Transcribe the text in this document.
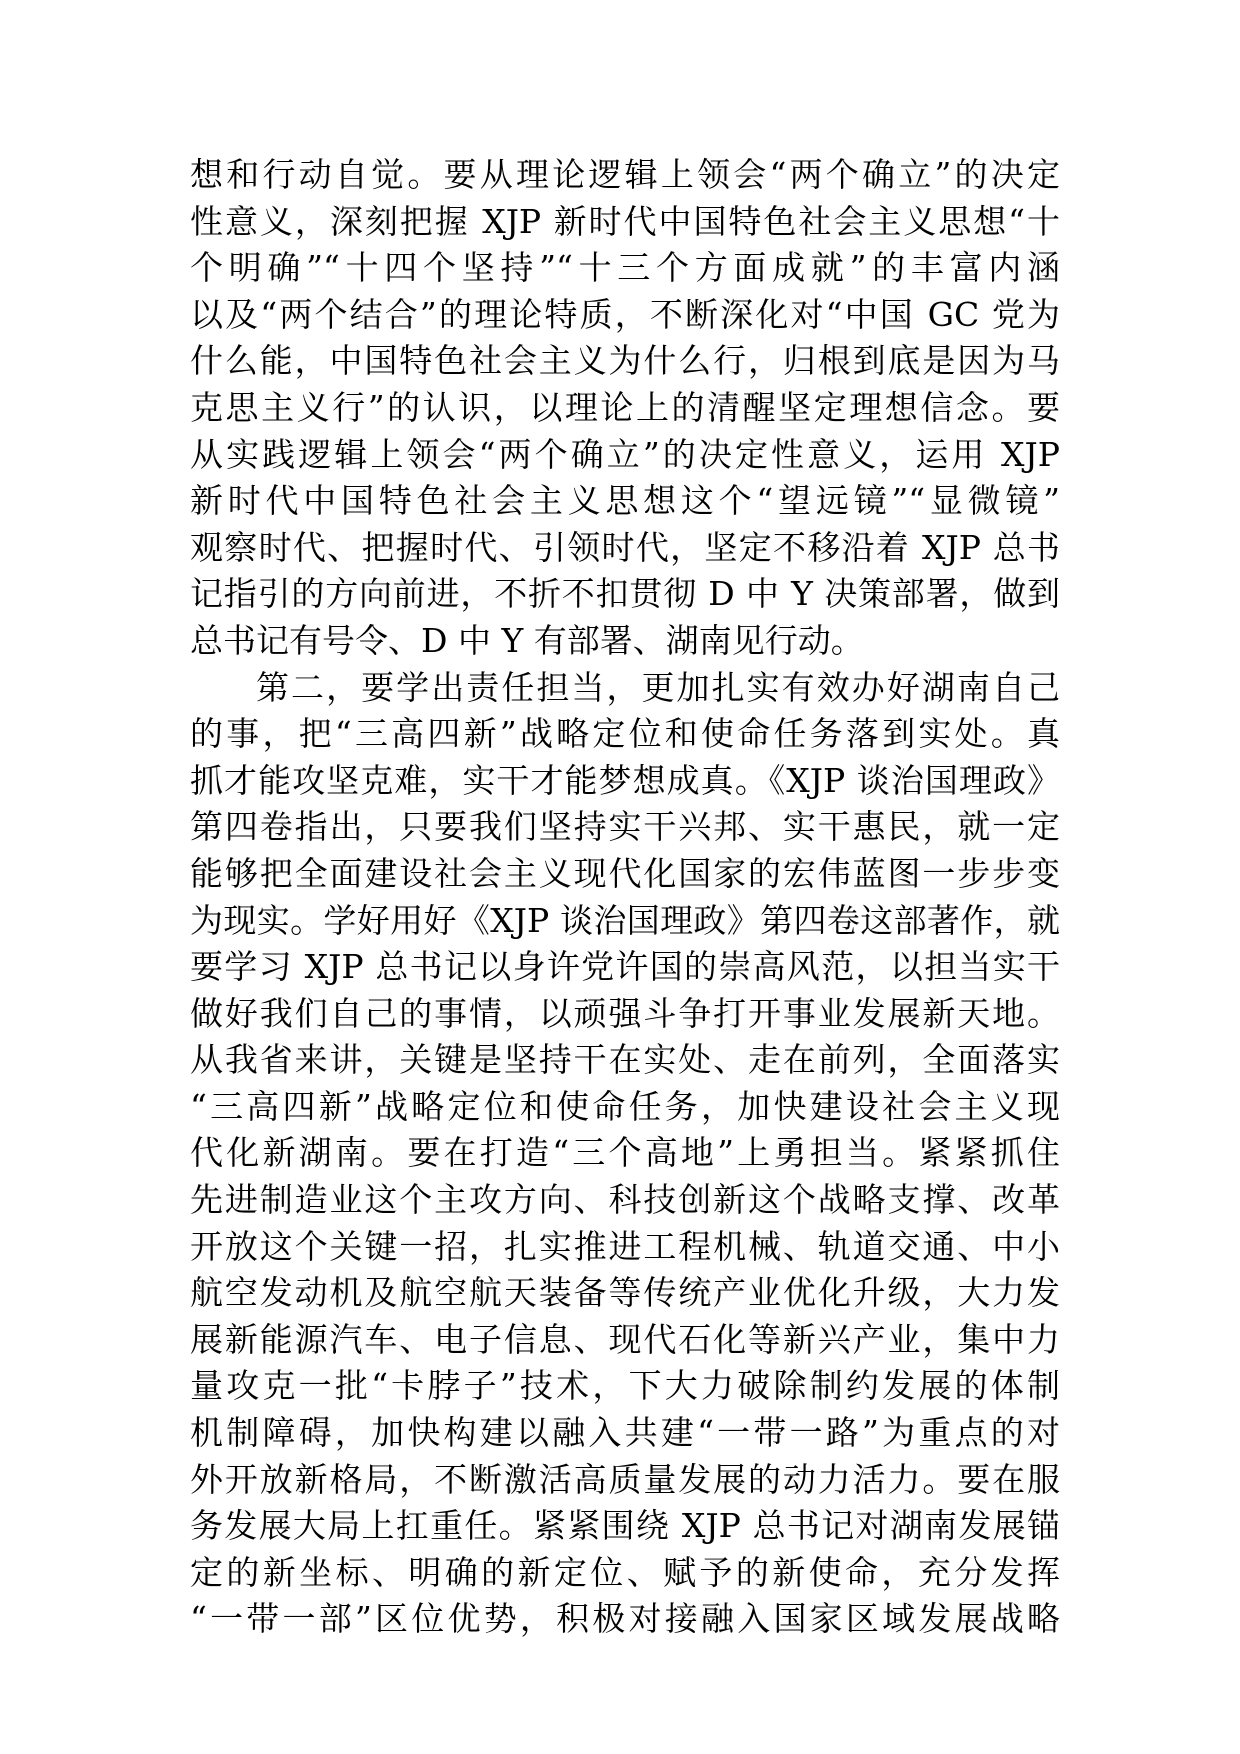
想和行动自觉。要从理论逻辑上领会“两个确立”的决定
性意义，深刻把握 XJP 新时代中国特色社会主义思想“十
个明确”“十四个坚持”“十三个方面成就”的丰富内涵
以及“两个结合”的理论特质，不断深化对“中国 GC 党为
什么能，中国特色社会主义为什么行，归根到底是因为马
克思主义行”的认识，以理论上的清醒坚定理想信念。要
从实践逻辑上领会“两个确立”的决定性意义，运用 XJP
新时代中国特色社会主义思想这个“望远镜”“显微镜”
观察时代、把握时代、引领时代，坚定不移沿着 XJP 总书
记指引的方向前进，不折不扣贯彻 D 中 Y 决策部署，做到
总书记有号令、D 中 Y 有部署、湖南见行动。
第二，要学出责任担当，更加扎实有效办好湖南自己
的事，把“三高四新”战略定位和使命任务落到实处。真
抓才能攻坚克难，实干才能梦想成真。《XJP 谈治国理政》
第四卷指出，只要我们坚持实干兴邦、实干惠民，就一定
能够把全面建设社会主义现代化国家的宏伟蓝图一步步变
为现实。学好用好《XJP 谈治国理政》第四卷这部著作，就
要学习 XJP 总书记以身许党许国的崇高风范，以担当实干
做好我们自己的事情，以顽强斗争打开事业发展新天地。
从我省来讲，关键是坚持干在实处、走在前列，全面落实
“三高四新”战略定位和使命任务，加快建设社会主义现
代化新湖南。要在打造“三个高地”上勇担当。紧紧抓住
先进制造业这个主攻方向、科技创新这个战略支撑、改革
开放这个关键一招，扎实推进工程机械、轨道交通、中小
航空发动机及航空航天装备等传统产业优化升级，大力发
展新能源汽车、电子信息、现代石化等新兴产业，集中力
量攻克一批“卡脖子”技术，下大力破除制约发展的体制
机制障碍，加快构建以融入共建“一带一路”为重点的对
外开放新格局，不断激活高质量发展的动力活力。要在服
务发展大局上扛重任。紧紧围绕 XJP 总书记对湖南发展锚
定的新坐标、明确的新定位、赋予的新使命，充分发挥
“一带一部”区位优势，积极对接融入国家区域发展战略
